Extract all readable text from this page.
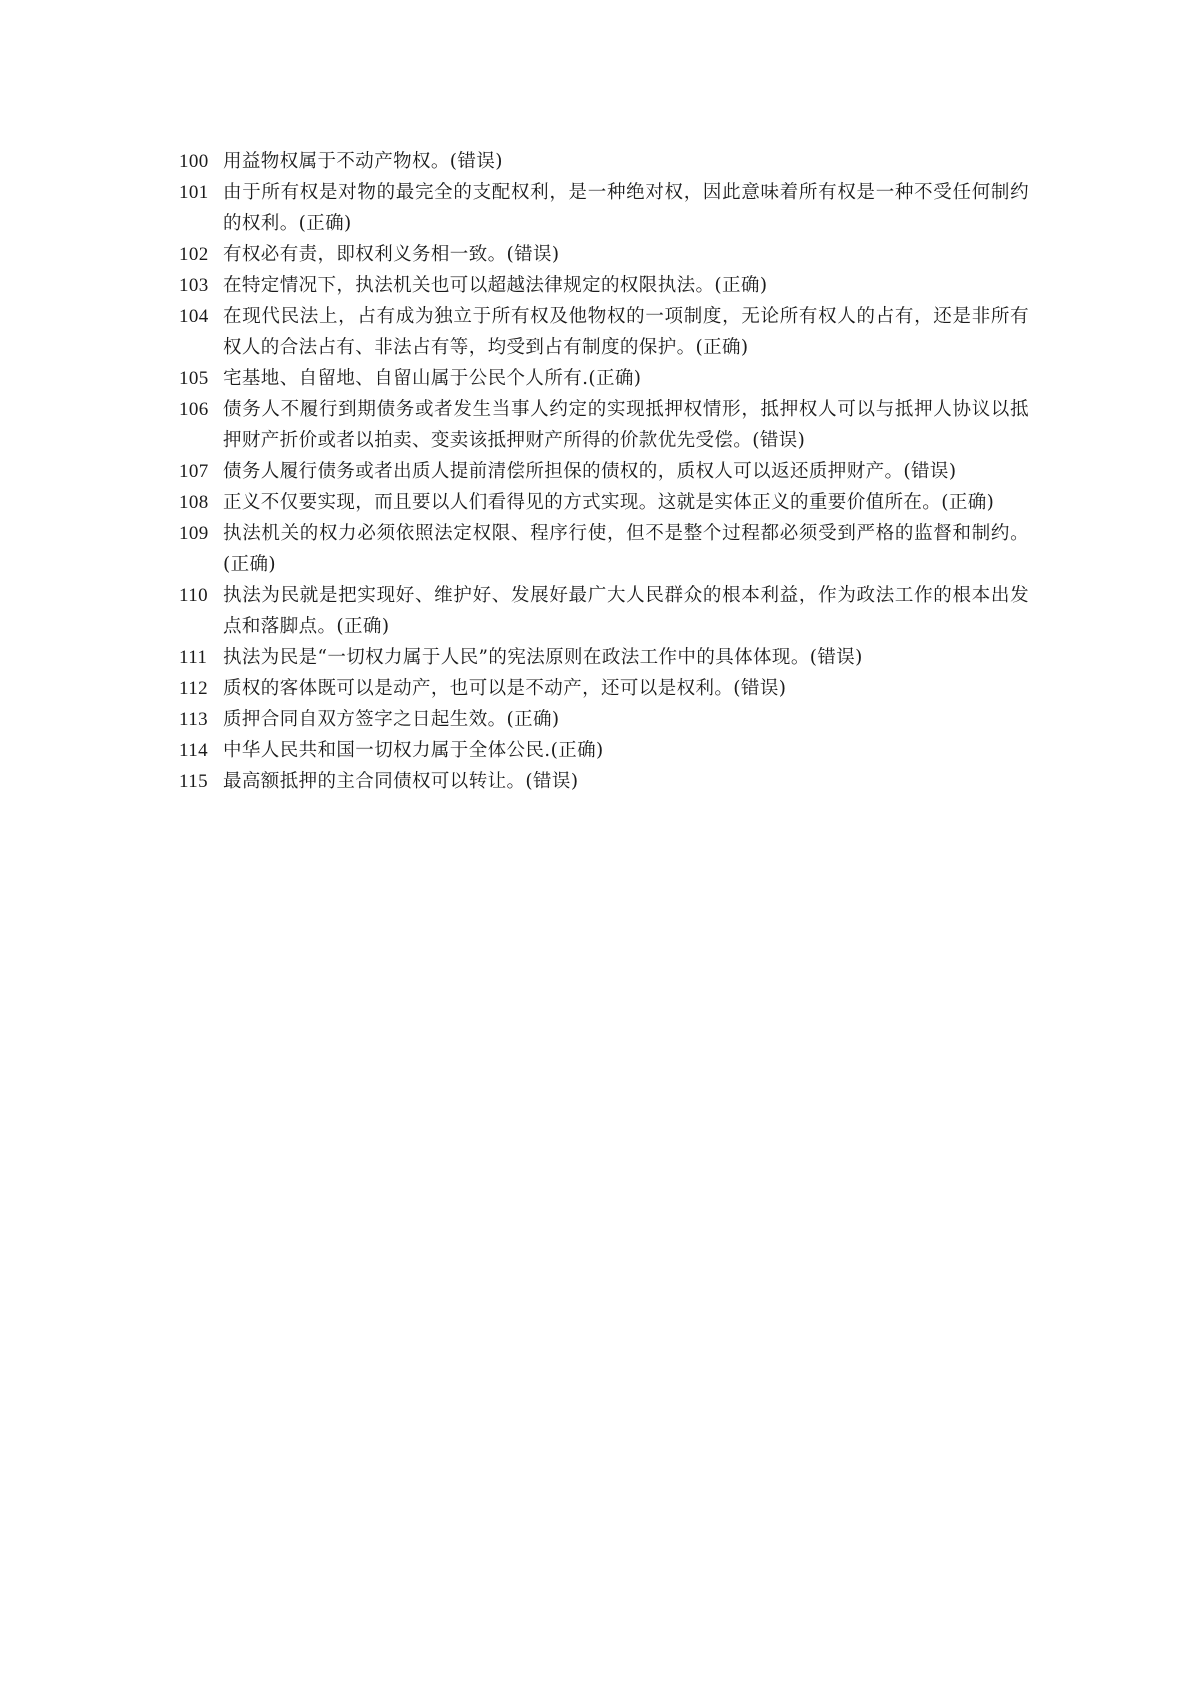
100 用益物权属于不动产物权。(错误)
101 由于所有权是对物的最完全的支配权利，是一种绝对权，因此意味着所有权是一种不受任何制约的权利。(正确)
102 有权必有责，即权利义务相一致。(错误)
103 在特定情况下，执法机关也可以超越法律规定的权限执法。(正确)
104 在现代民法上，占有成为独立于所有权及他物权的一项制度，无论所有权人的占有，还是非所有权人的合法占有、非法占有等，均受到占有制度的保护。(正确)
105 宅基地、自留地、自留山属于公民个人所有.(正确)
106 债务人不履行到期债务或者发生当事人约定的实现抵押权情形，抵押权人可以与抵押人协议以抵押财产折价或者以拍卖、变卖该抵押财产所得的价款优先受偿。(错误)
107 债务人履行债务或者出质人提前清偿所担保的债权的，质权人可以返还质押财产。(错误)
108 正义不仅要实现，而且要以人们看得见的方式实现。这就是实体正义的重要价值所在。(正确)
109 执法机关的权力必须依照法定权限、程序行使，但不是整个过程都必须受到严格的监督和制约。(正确)
110 执法为民就是把实现好、维护好、发展好最广大人民群众的根本利益，作为政法工作的根本出发点和落脚点。(正确)
111 执法为民是“一切权力属于人民”的宪法原则在政法工作中的具体体现。(错误)
112 质权的客体既可以是动产，也可以是不动产，还可以是权利。(错误)
113 质押合同自双方签字之日起生效。(正确)
114 中华人民共和国一切权力属于全体公民.(正确)
115 最高额抵押的主合同债权可以转让。(错误)
